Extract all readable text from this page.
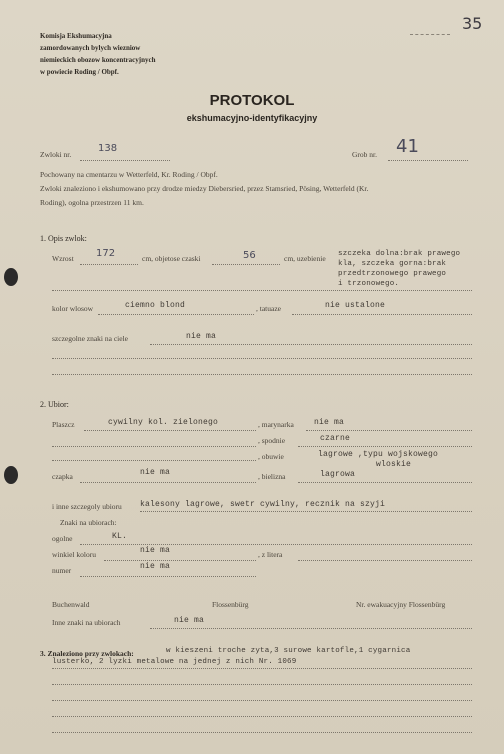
35
Komisja Ekshumacyjna
zamordowanych bylych wiezniow
niemieckich obozow koncentracyjnych
w powiecie Roding / Obpf.
PROTOKOL
ekshumacyjno-identyfikacyjny
Zwloki nr.
138
Grob nr. 41
Pochowany na cmentarzu w Wetterfeld, Kr. Roding / Obpf.
Zwloki znaleziono i ekshumowano przy drodze miedzy Diebersried, przez Stamsried, Pösing, Wetterfeld (Kr.
Roding), ogolna przestrzen 11 km.
1. Opis zwlok:
Wzrost 172	cm, objetose czaski	56	cm, uzebienie szczeka dolna:brak prawego
kla, szczeka gorna:brak
przedtrzonowego prawego
i trzonowego.
kolor wlosow	ciemno blond	, tatuaze	nie ustalone
szczegolne znaki na ciele	nie ma
2. Ubior:
Plaszcz	cywilny kol. zielonego	, marynarka	nie ma
, spodnie	czarne
, obuwie	lagrowe ,typu wojskowego
wloskie
czapka	nie ma	, bielizna	lagrowa
i inne szczegoly ubioru kalesony lagrowe, swetr cywilny, recznik na szyji
Znaki na ubiorach:
ogolne	KL.
winkiel koloru	nie ma	, z litera
numer	nie ma
Buchenwald	Flossenbürg	Nr. ewakuacyjny Flossenbürg
Inne znaki na ubiorach	nie ma
3. Znaleziono przy zwlokach:	w kieszeni troche zyta,3 surowe kartofle,1 cygarnica
lusterko, 2 lyzki metalowe na jednej z nich Nr. 1069
